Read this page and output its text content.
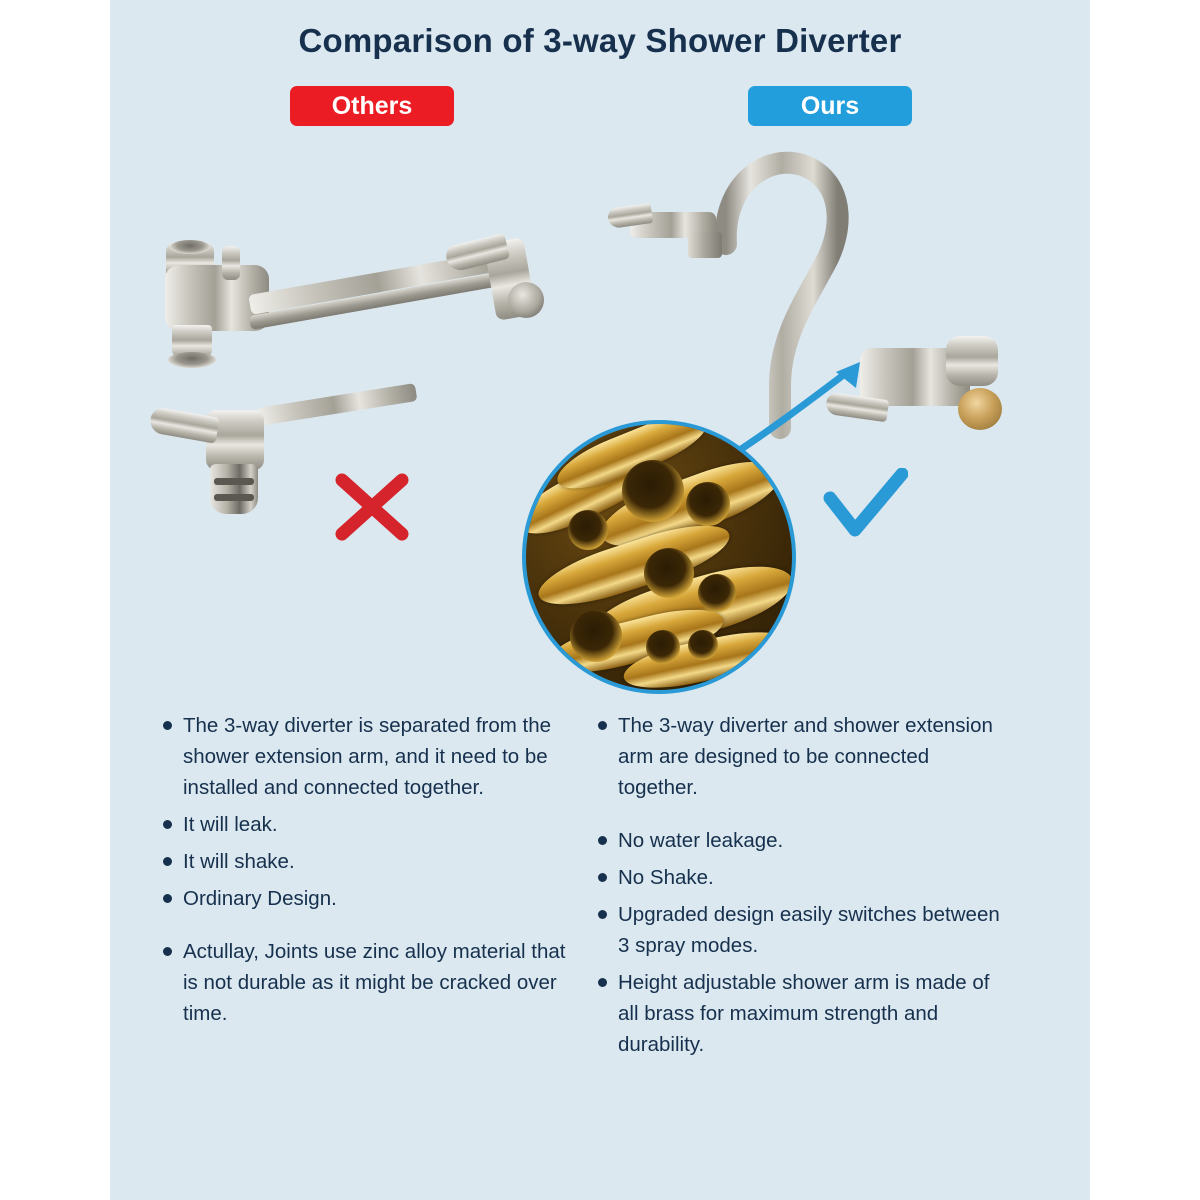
Comparison of 3-way Shower Diverter
Others	Ours
The 3-way diverter is separated from the shower extension arm, and it need to be installed and connected together.
It will leak.
It will shake.
Ordinary Design.
Actullay, Joints use zinc alloy material that is not durable as it might be cracked over time.
The 3-way diverter and shower extension arm are designed to be connected together.
No water leakage.
No Shake.
Upgraded design easily switches between 3 spray modes.
Height adjustable shower arm is made of all brass for maximum strength and durability.
